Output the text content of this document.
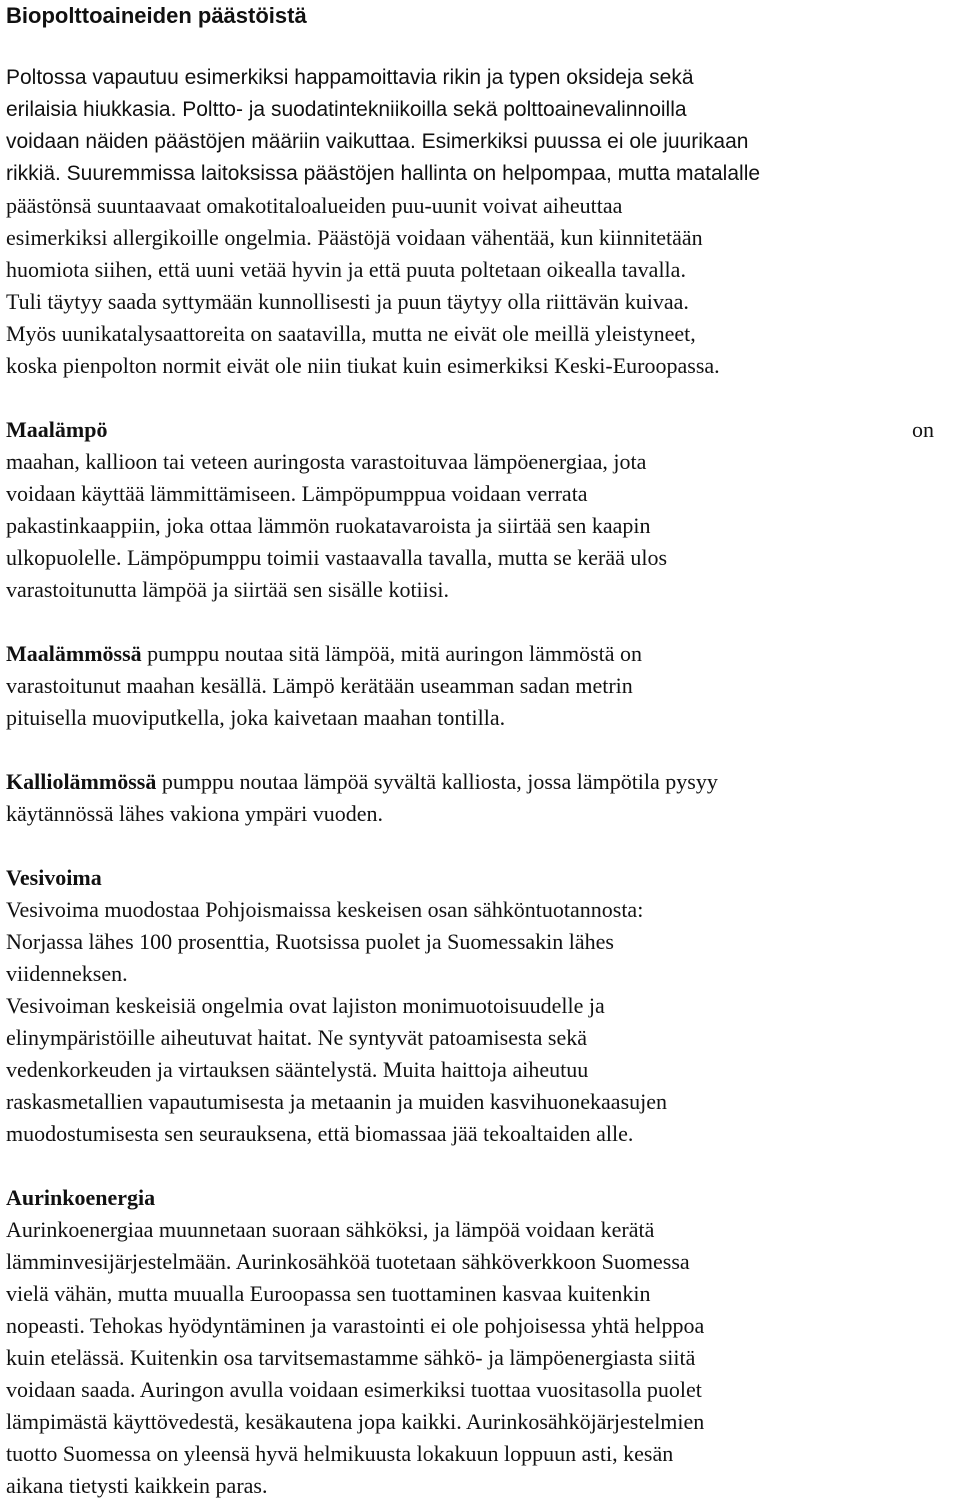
Biopolttoaineiden päästöistä
Poltossa vapautuu esimerkiksi happamoittavia rikin ja typen oksideja sekä
erilaisia hiukkasia. Poltto- ja suodatintekniikoilla sekä polttoainevalinnoilla
voidaan näiden päästöjen määriin vaikuttaa. Esimerkiksi puussa ei ole juurikaan
rikkiä. Suuremmissa laitoksissa päästöjen hallinta on helpompaa, mutta matalalle
päästönsä suuntaavaat omakotitaloalueiden puu-uunit voivat aiheuttaa
esimerkiksi allergikoille ongelmia. Päästöjä voidaan vähentää, kun kiinnitetään
huomiota siihen, että uuni vetää hyvin ja että puuta poltetaan oikealla tavalla.
Tuli täytyy saada syttymään kunnollisesti ja puun täytyy olla riittävän kuivaa.
Myös uunikatalysaattoreita on saatavilla, mutta ne eivät ole meillä yleistyneet,
koska pienpolton normit eivät ole niin tiukat kuin esimerkiksi Keski-Euroopassa.
Maalämpö	on
maahan, kallioon tai veteen auringosta varastoituvaa lämpöenergiaa, jota
voidaan käyttää lämmittämiseen. Lämpöpumppua voidaan verrata
pakastinkaappiin, joka ottaa lämmön ruokatavaroista ja siirtää sen kaapin
ulkopuolelle. Lämpöpumppu toimii vastaavalla tavalla, mutta se kerää ulos
varastoitunutta lämpöä ja siirtää sen sisälle kotiisi.
Maalämmössä pumppu noutaa sitä lämpöä, mitä auringon lämmöstä on
varastoitunut maahan kesällä. Lämpö kerätään useamman sadan metrin
pituisella muoviputkella, joka kaivetaan maahan tontilla.
Kalliolämmössä pumppu noutaa lämpöä syvältä kalliosta, jossa lämpötila pysyy
käytännössä lähes vakiona ympäri vuoden.
Vesivoima
Vesivoima muodostaa Pohjoismaissa keskeisen osan sähköntuotannosta:
Norjassa lähes 100 prosenttia, Ruotsissa puolet ja Suomessakin lähes
viidenneksen.
Vesivoiman keskeisiä ongelmia ovat lajiston monimuotoisuudelle ja
elinympäristöille aiheutuvat haitat. Ne syntyvät patoamisesta sekä
vedenkorkeuden ja virtauksen sääntelystä. Muita haittoja aiheutuu
raskasmetallien vapautumisesta ja metaanin ja muiden kasvihuonekaasujen
muodostumisesta sen seurauksena, että biomassaa jää tekoaltaiden alle.
Aurinkoenergia
Aurinkoenergiaa muunnetaan suoraan sähköksi, ja lämpöä voidaan kerätä
lämminvesijärjestelmään. Aurinkosähköä tuotetaan sähköverkkoon Suomessa
vielä vähän, mutta muualla Euroopassa sen tuottaminen kasvaa kuitenkin
nopeasti. Tehokas hyödyntäminen ja varastointi ei ole pohjoisessa yhtä helppoa
kuin etelässä. Kuitenkin osa tarvitsemastamme sähkö- ja lämpöenergiasta siitä
voidaan saada. Auringon avulla voidaan esimerkiksi tuottaa vuositasolla puolet
lämpimästä käyttövedestä, kesäkautena jopa kaikki. Aurinkosähköjärjestelmien
tuotto Suomessa on yleensä hyvä helmikuusta lokakuun loppuun asti, kesän
aikana tietysti kaikkein paras.
